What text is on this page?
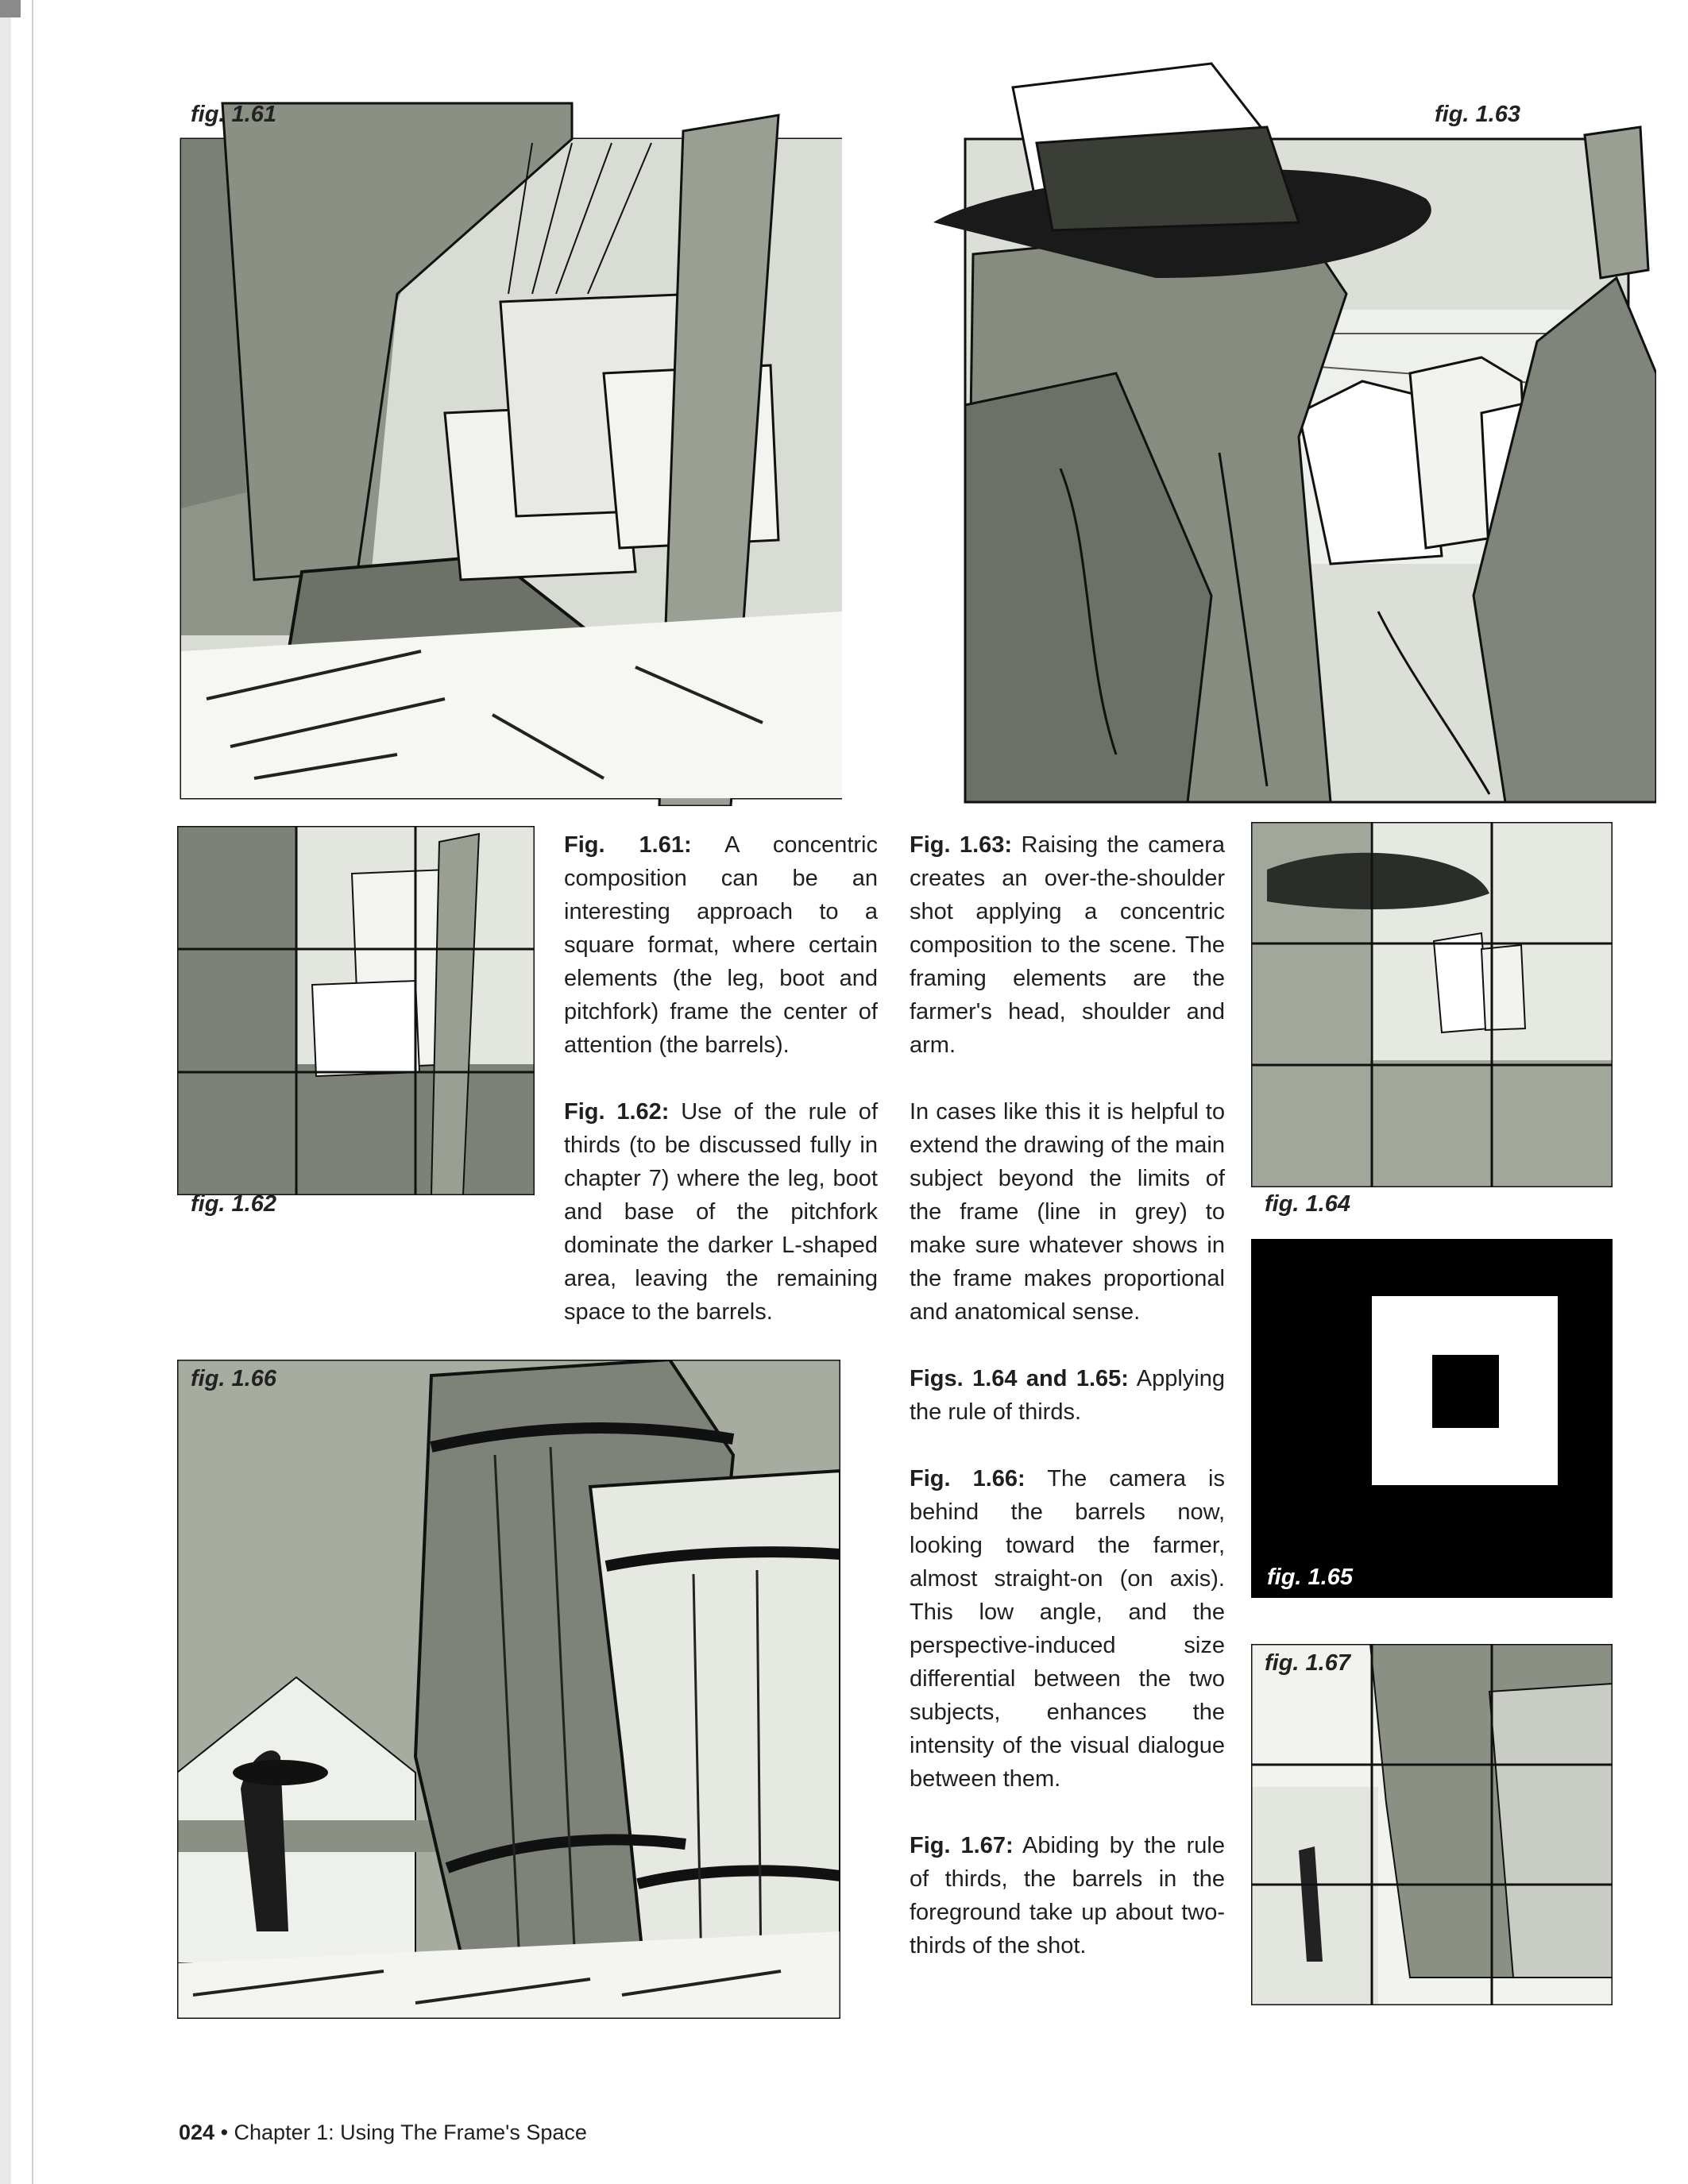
fig. 1.61	fig. 1.63
fig. 1.62	fig. 1.64
fig. 1.65
fig. 1.66
fig. 1.67

Fig. 1.61: A concentric composition can be an interesting approach to a square format, where certain elements (the leg, boot and pitchfork) frame the center of attention (the barrels).

Fig. 1.62: Use of the rule of thirds (to be discussed fully in chapter 7) where the leg, boot and base of the pitchfork dominate the darker L-shaped area, leaving the remaining space to the barrels.

Fig. 1.63: Raising the camera creates an over-the-shoulder shot applying a concentric composition to the scene. The framing elements are the farmer's head, shoulder and arm.

In cases like this it is helpful to extend the drawing of the main subject beyond the limits of the frame (line in grey) to make sure whatever shows in the frame makes proportional and anatomical sense.

Figs. 1.64 and 1.65: Applying the rule of thirds.

Fig. 1.66: The camera is behind the barrels now, looking toward the farmer, almost straight-on (on axis). This low angle, and the perspective-induced size differential between the two subjects, enhances the intensity of the visual dialogue between them.

Fig. 1.67: Abiding by the rule of thirds, the barrels in the foreground take up about two-thirds of the shot.

024 • Chapter 1: Using The Frame's Space
